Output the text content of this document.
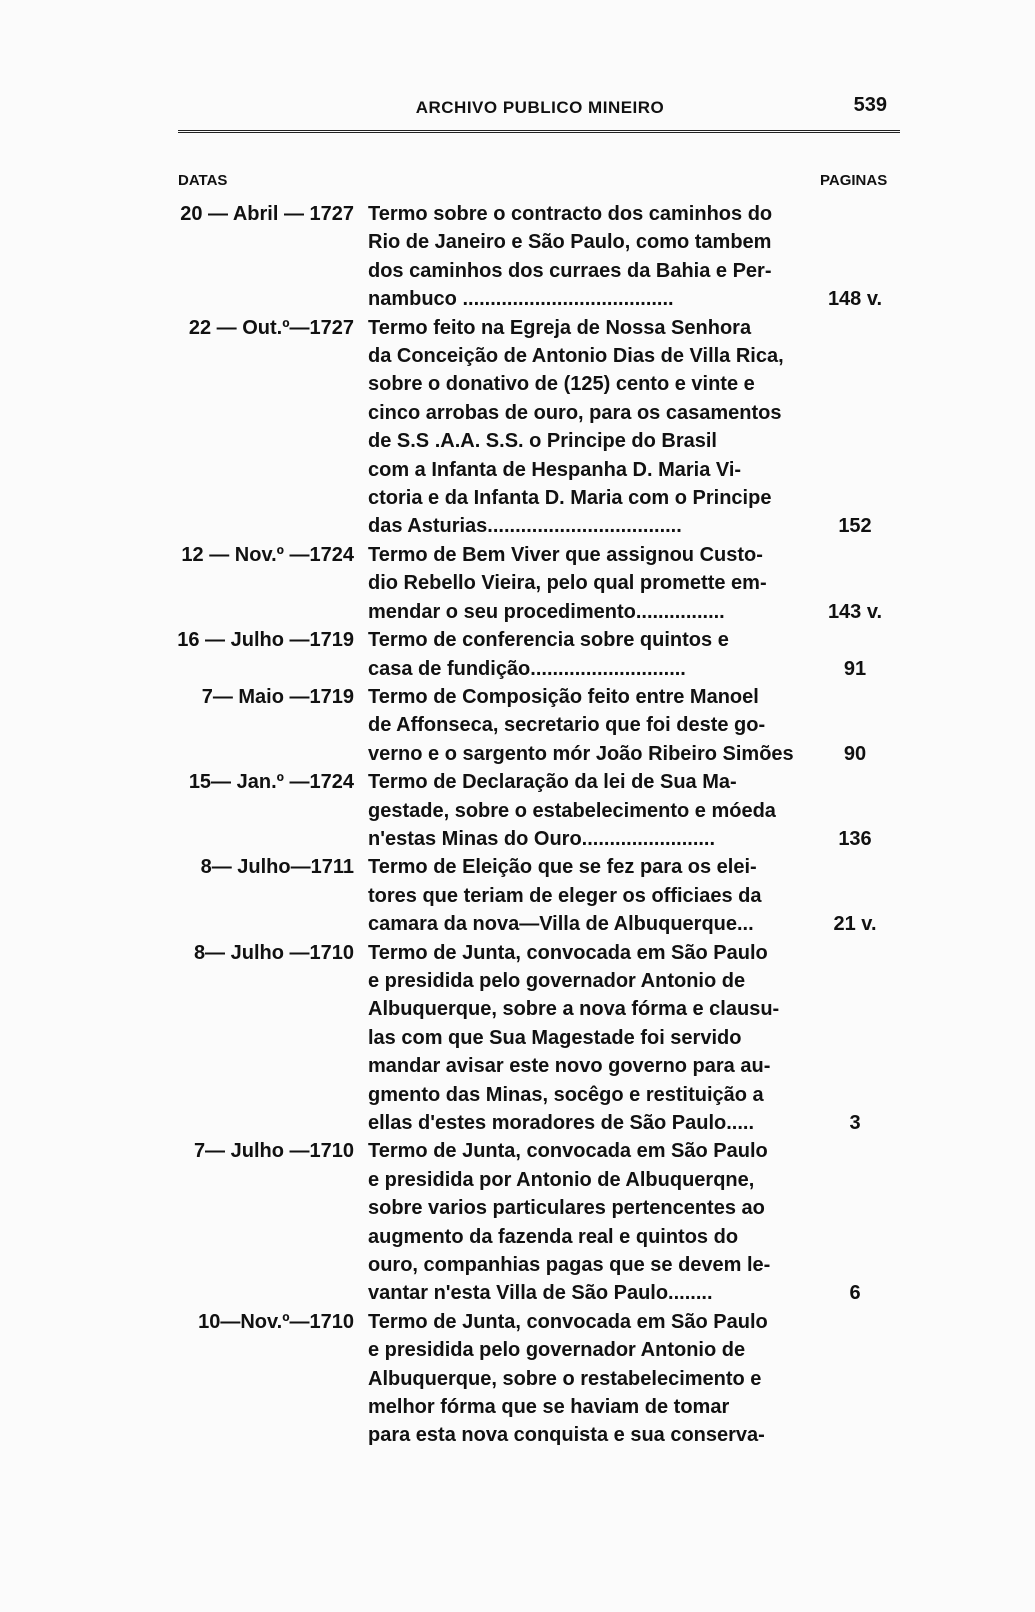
ARCHIVO PUBLICO MINEIRO	539
DATAS	PAGINAS
20 — Abril — 1727 Termo sobre o contracto dos caminhos do
Rio de Janeiro e São Paulo, como tambem
dos caminhos dos curraes da Bahia e Per-
nambuco ......................................	148 v.
22 — Out.º—1727 Termo feito na Egreja de Nossa Senhora
da Conceição de Antonio Dias de Villa Rica,
sobre o donativo de (125) cento e vinte e
cinco arrobas de ouro, para os casamentos
de S.S .A.A. S.S. o Principe do Brasil
com a Infanta de Hespanha D. Maria Vi-
ctoria e da Infanta D. Maria com o Principe
das Asturias...................................	152
12 — Nov.º —1724 Termo de Bem Viver que assignou Custo-
dio Rebello Vieira, pelo qual promette em-
mendar o seu procedimento................	143 v.
16 — Julho —1719 Termo de conferencia sobre quintos e
casa de fundição............................	91
7— Maio —1719 Termo de Composição feito entre Manoel
de Affonseca, secretario que foi deste go-
verno e o sargento mór João Ribeiro Simões	90
15— Jan.º —1724 Termo de Declaração da lei de Sua Ma-
gestade, sobre o estabelecimento e móeda
n'estas Minas do Ouro........................	136
8— Julho—1711 Termo de Eleição que se fez para os elei-
tores que teriam de eleger os officiaes da
camara da nova—Villa de Albuquerque...	21 v.
8— Julho —1710 Termo de Junta, convocada em São Paulo
e presidida pelo governador Antonio de
Albuquerque, sobre a nova fórma e clausu-
las com que Sua Magestade foi servido
mandar avisar este novo governo para au-
gmento das Minas, socêgo e restituição a
ellas d'estes moradores de São Paulo.....	3
7— Julho —1710 Termo de Junta, convocada em São Paulo
e presidida por Antonio de Albuquerqne,
sobre varios particulares pertencentes ao
augmento da fazenda real e quintos do
ouro, companhias pagas que se devem le-
vantar n'esta Villa de São Paulo........	6
10—Nov.º—1710 Termo de Junta, convocada em São Paulo
e presidida pelo governador Antonio de
Albuquerque, sobre o restabelecimento e
melhor fórma que se haviam de tomar
para esta nova conquista e sua conserva-
